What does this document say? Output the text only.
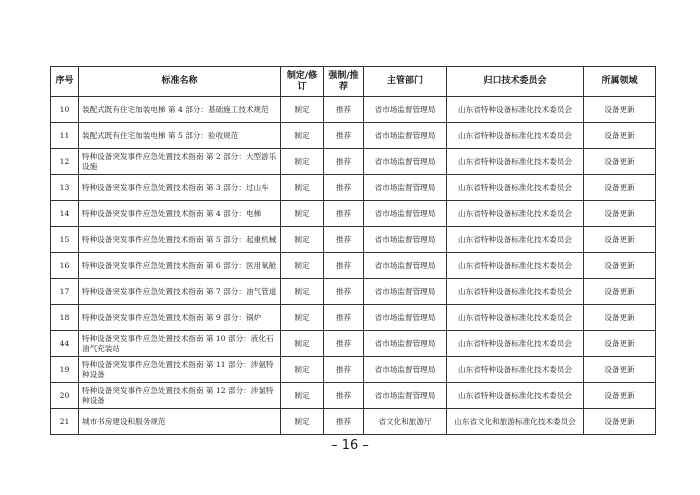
序号	标准名称	制定/修订	强制/推荐	主管部门	归口技术委员会	所属领域
10	装配式既有住宅加装电梯 第 4 部分：基础施工技术规范	制定	推荐	省市场监督管理局	山东省特种设备标准化技术委员会	设备更新
11	装配式既有住宅加装电梯 第 5 部分：验收规范	制定	推荐	省市场监督管理局	山东省特种设备标准化技术委员会	设备更新
12	特种设备突发事件应急处置技术指南 第 2 部分：大型游乐设施	制定	推荐	省市场监督管理局	山东省特种设备标准化技术委员会	设备更新
13	特种设备突发事件应急处置技术指南 第 3 部分：过山车	制定	推荐	省市场监督管理局	山东省特种设备标准化技术委员会	设备更新
14	特种设备突发事件应急处置技术指南 第 4 部分：电梯	制定	推荐	省市场监督管理局	山东省特种设备标准化技术委员会	设备更新
15	特种设备突发事件应急处置技术指南 第 5 部分：起重机械	制定	推荐	省市场监督管理局	山东省特种设备标准化技术委员会	设备更新
16	特种设备突发事件应急处置技术指南 第 6 部分：医用氧舱	制定	推荐	省市场监督管理局	山东省特种设备标准化技术委员会	设备更新
17	特种设备突发事件应急处置技术指南 第 7 部分：油气管道	制定	推荐	省市场监督管理局	山东省特种设备标准化技术委员会	设备更新
18	特种设备突发事件应急处置技术指南 第 9 部分：锅炉	制定	推荐	省市场监督管理局	山东省特种设备标准化技术委员会	设备更新
44	特种设备突发事件应急处置技术指南 第 10 部分：液化石油气充装站	制定	推荐	省市场监督管理局	山东省特种设备标准化技术委员会	设备更新
19	特种设备突发事件应急处置技术指南 第 11 部分：涉氨特种设备	制定	推荐	省市场监督管理局	山东省特种设备标准化技术委员会	设备更新
20	特种设备突发事件应急处置技术指南 第 12 部分：涉氯特种设备	制定	推荐	省市场监督管理局	山东省特种设备标准化技术委员会	设备更新
21	城市书房建设和服务规范	制定	推荐	省文化和旅游厅	山东省文化和旅游标准化技术委员会	设备更新
– 16 –
